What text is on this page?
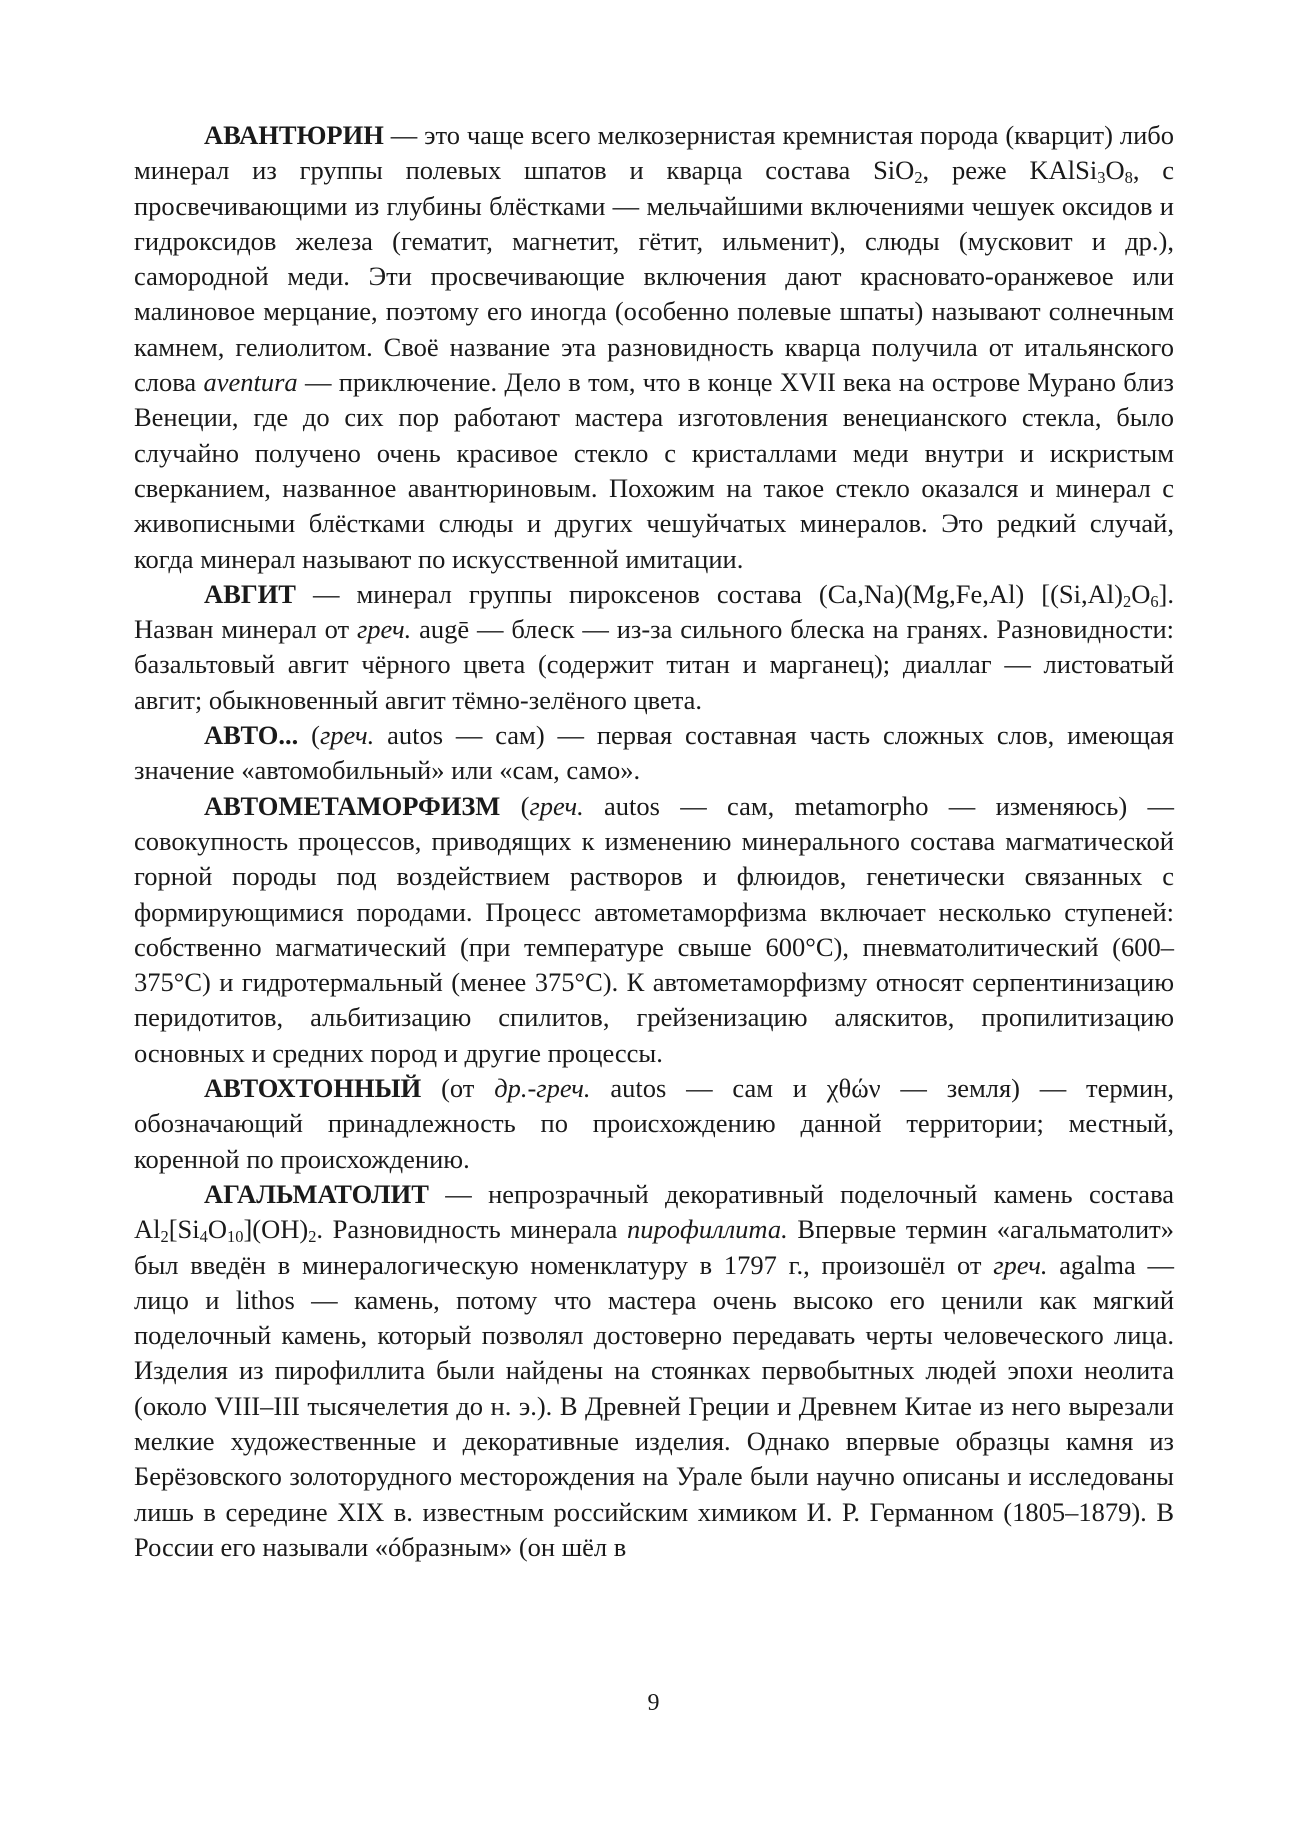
АВАНТЮРИН — это чаще всего мелкозернистая кремнистая порода (кварцит) либо минерал из группы полевых шпатов и кварца состава SiO$_2$, реже $KAlSi_3O_8$, с просвечивающими из глубины блёстками — мельчайшими включениями чешуек оксидов и гидроксидов железа (гематит, магнетит, гётит, ильменит), слюды (мусковит и др.), самородной меди. Эти просвечивающие включения дают красновато-оранжевое или малиновое мерцание, поэтому его иногда (особенно полевые шпаты) называют солнечным камнем, гелиолитом. Своё название эта разновидность кварца получила от итальянского слова aventura — приключение. Дело в том, что в конце XVII века на острове Мурано близ Венеции, где до сих пор работают мастера изготовления венецианского стекла, было случайно получено очень красивое стекло с кристаллами меди внутри и искристым сверканием, названное авантюриновым. Похожим на такое стекло оказался и минерал с живописными блёстками слюды и других чешуйчатых минералов. Это редкий случай, когда минерал называют по искусственной имитации.

АВГИТ — минерал группы пироксенов состава (Ca,Na)(Mg,Fe,Al) $[(Si,Al)_2O_6]$. Назван минерал от греч. augē — блеск — из-за сильного блеска на гранях. Разновидности: базальтовый авгит чёрного цвета (содержит титан и марганец); диаллаг — листоватый авгит; обыкновенный авгит тёмно-зелёного цвета.

АВТО... (греч. autos — сам) — первая составная часть сложных слов, имеющая значение «автомобильный» или «сам, само».

АВТОМЕТАМОРФИЗМ (греч. autos — сам, metamorpho — изменяюсь) — совокупность процессов, приводящих к изменению минерального состава магматической горной породы под воздействием растворов и флюидов, генетически связанных с формирующимися породами. Процесс автометаморфизма включает несколько ступеней: собственно магматический (при температуре свыше 600°С), пневматолитический (600–375°С) и гидротермальный (менее 375°С). К автометаморфизму относят серпентинизацию перидотитов, альбитизацию спилитов, грейзенизацию аляскитов, пропилитизацию основных и средних пород и другие процессы.

АВТОХТОННЫЙ (от др.-греч. autos — сам и χθών — земля) — термин, обозначающий принадлежность по происхождению данной территории; местный, коренной по происхождению.

АГАЛЬМАТОЛИТ — непрозрачный декоративный поделочный камень состава $Al_2[Si_4O_{10}](OH)_2$. Разновидность минерала пирофиллита. Впервые термин «агальматолит» был введён в минералогическую номенклатуру в 1797 г., произошёл от греч. agalma — лицо и lithos — камень, потому что мастера очень высоко его ценили как мягкий поделочный камень, который позволял достоверно передавать черты человеческого лица. Изделия из пирофиллита были найдены на стоянках первобытных людей эпохи неолита (около VIII–III тысячелетия до н. э.). В Древней Греции и Древнем Китае из него вырезали мелкие художественные и декоративные изделия. Однако впервые образцы камня из Берёзовского золоторудного месторождения на Урале были научно описаны и исследованы лишь в середине XIX в. известным российским химиком И. Р. Германном (1805–1879). В России его называли «óбразным» (он шёл в

9
